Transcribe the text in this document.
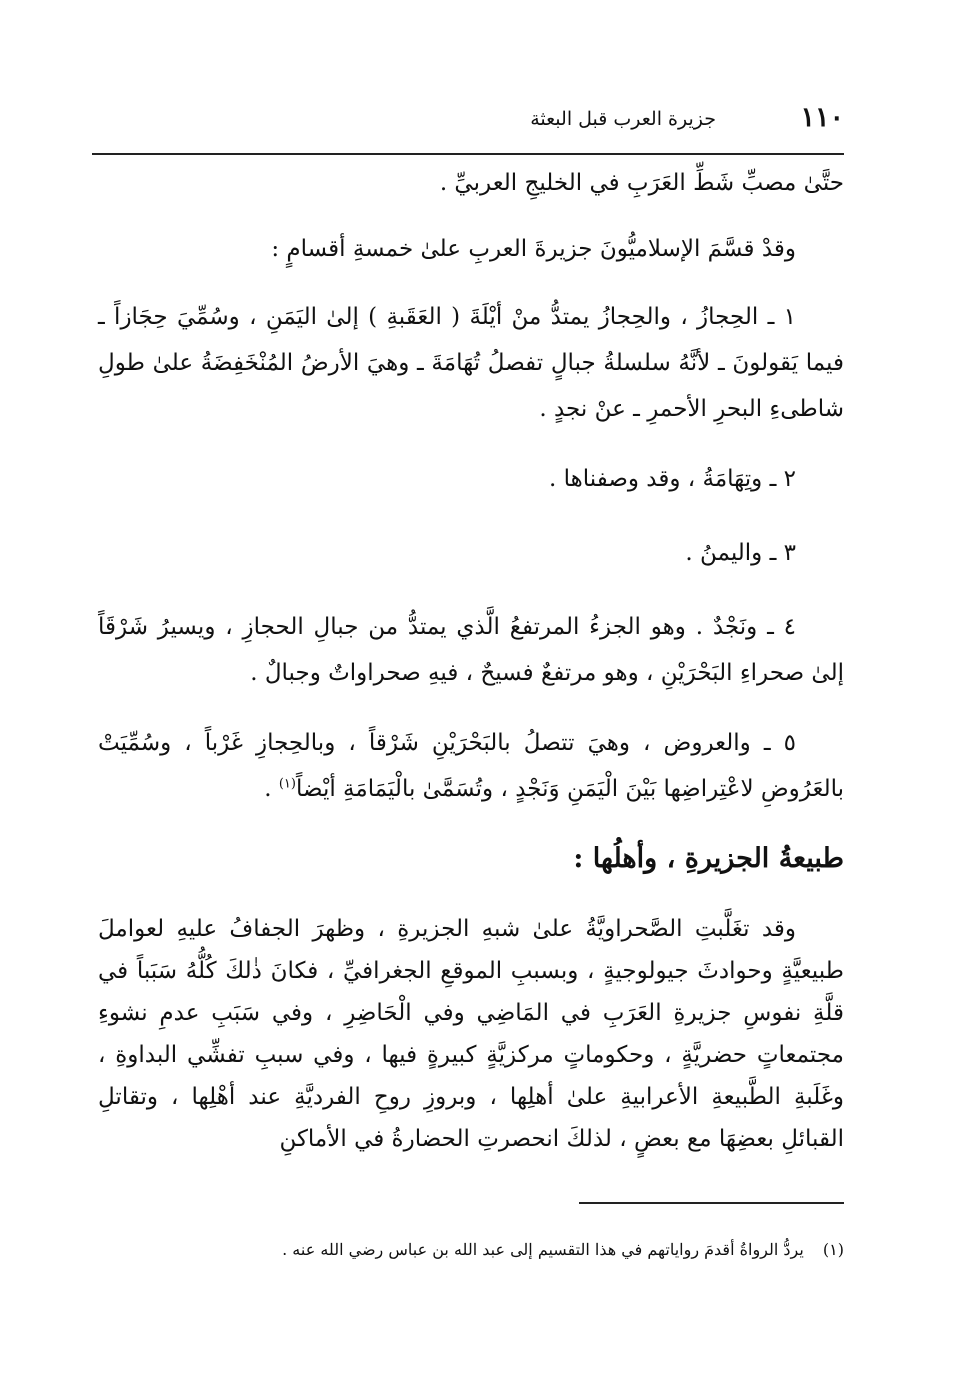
١١٠
جزيرة العرب قبل البعثة

حتَّىٰ مصبِّ شَطِّ العَرَبِ في الخليجِ العربيِّ .

وقدْ قسَّمَ الإسلاميُّونَ جزيرةَ العربِ علىٰ خمسةِ أقسامٍ :

١ ـ الحِجازُ ، والحِجازُ يمتدُّ منْ أيْلَةَ ( العَقَبةِ ) إلىٰ اليَمَنِ ، وسُمِّيَ حِجَازاً ـ فيما يَقولونَ ـ لأنَّهُ سلسلةُ جبالٍ تفصلُ تُهَامَةَ ـ وهيَ الأرضُ المُنْخَفِضَةُ علىٰ طولِ شاطىءِ البحرِ الأحمرِ ـ عنْ نجدٍ .

٢ ـ وتِهَامَةُ ، وقد وصفناها .

٣ ـ واليمنُ .

٤ ـ ونَجْدٌ . وهو الجزءُ المرتفعُ الَّذي يمتدُّ من جبالِ الحجازِ ، ويسيرُ شَرْقَاً إلىٰ صحراءِ البَحْرَيْنِ ، وهو مرتفعٌ فسيحٌ ، فيهِ صحراواتٌ وجبالٌ .

٥ ـ والعروض ، وهيَ تتصلُ بالبَحْرَيْنِ شَرْقاً ، وبالحِجازِ غَرْباً ، وسُمِّيَتْ بالعَرُوضِ لاعْتِراضِها بَيْنَ الْيَمَنِ وَنَجْدٍ ، وتُسَمَّىٰ بالْيَمَامَةِ أيْضاً$^{(١)}$ .

طبيعةُ الجزيرةِ ، وأهلُها :

وقد تغَلَّبتِ الصَّحراويَّةُ علىٰ شبهِ الجزيرةِ ، وظهرَ الجفافُ عليهِ لعواملَ طبيعيَّةٍ وحوادثَ جيولوجيةٍ ، وبسببِ الموقعِ الجغرافيِّ ، فكانَ ذٰلكَ كُلُّهُ سَبَباً في قلَّةِ نفوسِ جزيرةِ العَرَبِ في المَاضِي وفي الْحَاضِرِ ، وفي سَبَبِ عدمِ نشوءِ مجتمعاتٍ حضريَّةٍ ، وحكوماتٍ مركزيَّةٍ كبيرةٍ فيها ، وفي سببِ تفشِّي البداوةِ ، وغَلَبةِ الطَّبيعةِ الأعرابيةِ علىٰ أهلِها ، وبروزِ روحِ الفرديَّةِ عند أهْلِها ، وتقاتلِ القبائلِ بعضِهَا مع بعضٍ ، لذلكَ انحصرتِ الحضارةُ في الأماكنِ

(١) يردُّ الرواةُ أقدمَ رواياتهم في هذا التقسيم إلى عبد الله بن عباس رضي الله عنه .
